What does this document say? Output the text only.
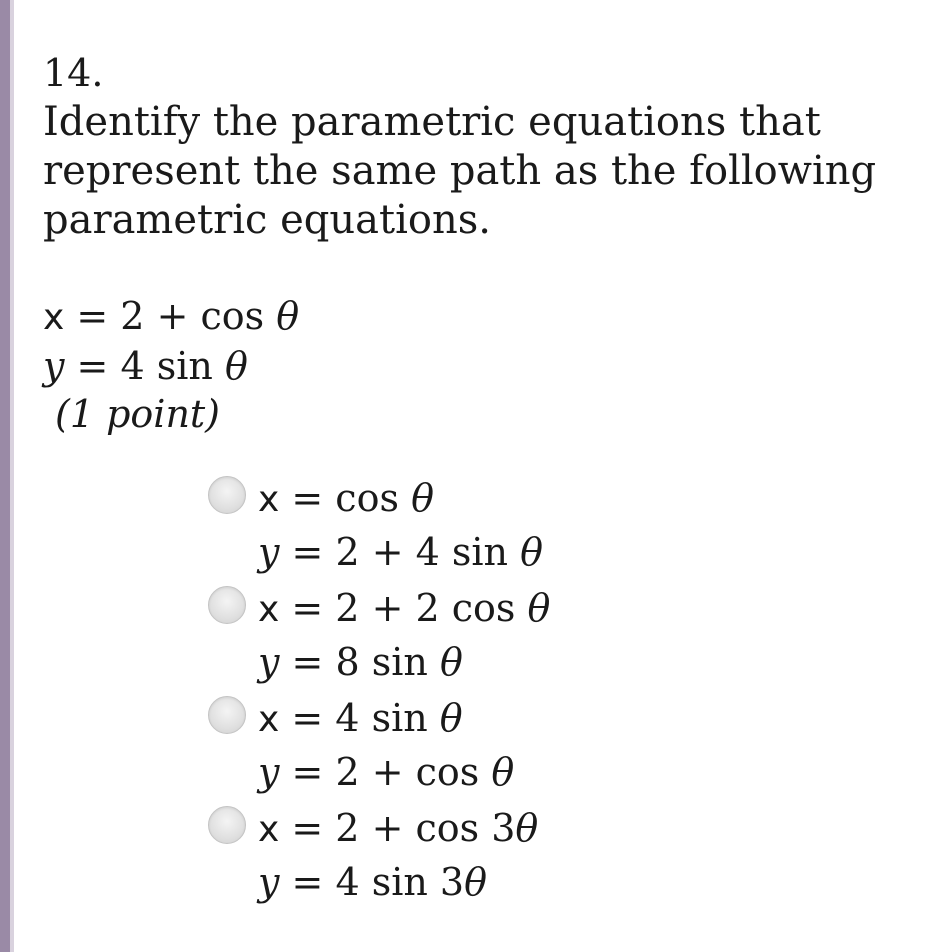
14.

Identify the parametric equations that represent the same path as the following parametric equations.

x = 2 + cos θ
y = 4 sin θ
(1 point)
x = cos θ
y = 2 + 4 sin θ
x = 2 + 2 cos θ
y = 8 sin θ
x = 4 sin θ
y = 2 + cos θ
x = 2 + cos 3θ
y = 4 sin 3θ
